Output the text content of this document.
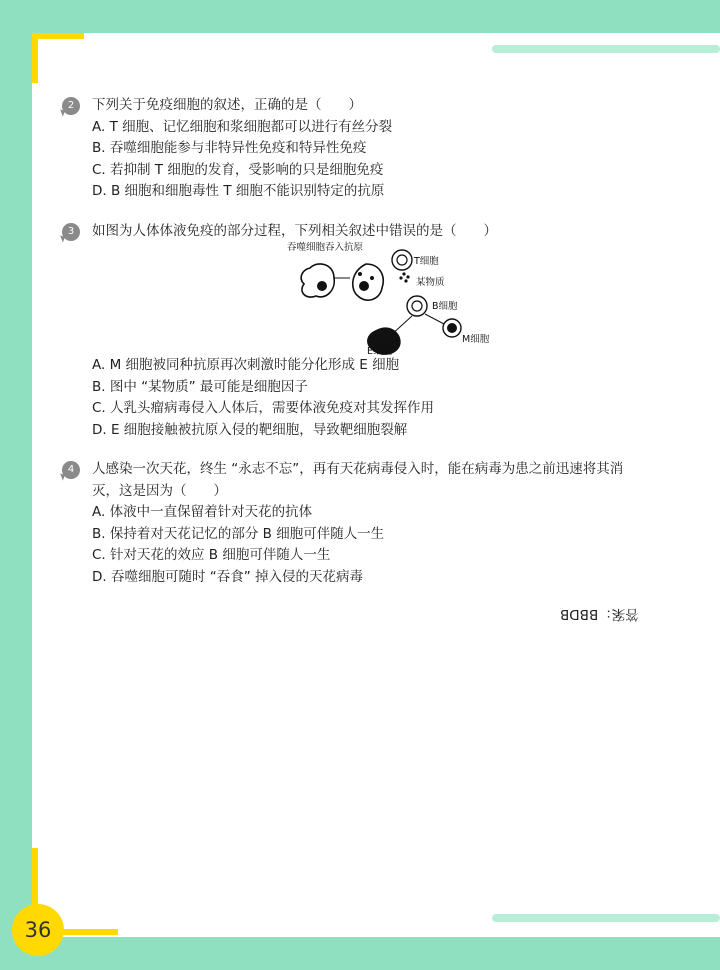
2	下列关于免疫细胞的叙述，正确的是（　　）
A. T 细胞、记忆细胞和浆细胞都可以进行有丝分裂
B. 吞噬细胞能参与非特异性免疫和特异性免疫
C. 若抑制 T 细胞的发育，受影响的只是细胞免疫
D. B 细胞和细胞毒性 T 细胞不能识别特定的抗原
3	如图为人体体液免疫的部分过程，下列相关叙述中错误的是（　　）
吞噬细胞吞入抗原
T细胞
某物质
B细胞
M细胞
E细胞
A. M 细胞被同种抗原再次刺激时能分化形成 E 细胞
B. 图中 “某物质” 最可能是细胞因子
C. 人乳头瘤病毒侵入人体后，需要体液免疫对其发挥作用
D. E 细胞接触被抗原入侵的靶细胞，导致靶细胞裂解
4	人感染一次天花，终生 “永志不忘”，再有天花病毒侵入时，能在病毒为患之前迅速将其消
灭，这是因为（　　）
A. 体液中一直保留着针对天花的抗体
B. 保持着对天花记忆的部分 B 细胞可伴随人一生
C. 针对天花的效应 B 细胞可伴随人一生
D. 吞噬细胞可随时 “吞食” 掉入侵的天花病毒
答案：BBDB
36
